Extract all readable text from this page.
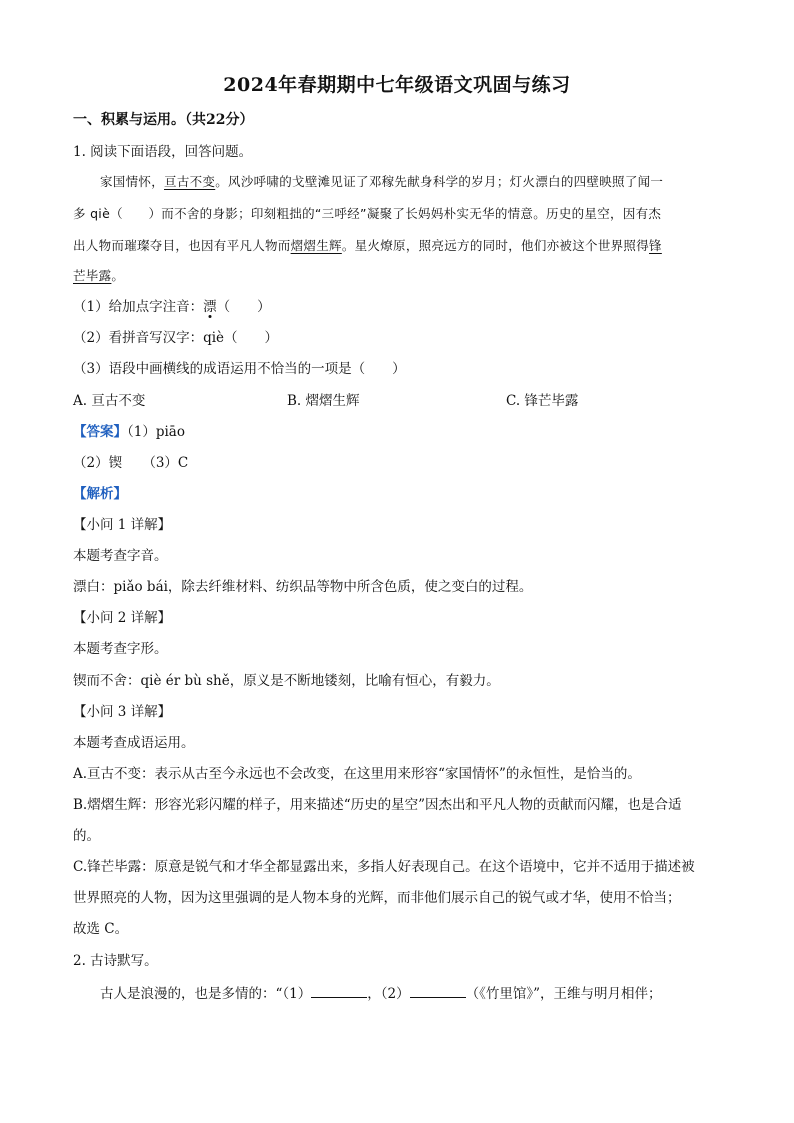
2024年春期期中七年级语文巩固与练习
一、积累与运用。（共22分）
1. 阅读下面语段，回答问题。
家国情怀，亘古不变。风沙呼啸的戈壁滩见证了邓稼先献身科学的岁月；灯火漂白的四壁映照了闻一
多 qiè（　　）而不舍的身影；印刻粗拙的“三呼经”凝聚了长妈妈朴实无华的情意。历史的星空，因有杰
出人物而璀璨夺目，也因有平凡人物而熠熠生辉。星火燎原，照亮远方的同时，他们亦被这个世界照得锋
芒毕露。
（1）给加点字注音：漂（　　）
（2）看拼音写汉字：qiè（　　）
（3）语段中画横线的成语运用不恰当的一项是（　　）
A. 亘古不变	B. 熠熠生辉	C. 锋芒毕露
【答案】（1）piāo
（2）锲　　（3）C
【解析】
【小问 1 详解】
本题考查字音。
漂白：piǎo bái，除去纤维材料、纺织品等物中所含色质，使之变白的过程。
【小问 2 详解】
本题考查字形。
锲而不舍：qiè ér bù shě，原义是不断地镂刻，比喻有恒心，有毅力。
【小问 3 详解】
本题考查成语运用。
A.亘古不变：表示从古至今永远也不会改变，在这里用来形容“家国情怀”的永恒性，是恰当的。
B.熠熠生辉：形容光彩闪耀的样子，用来描述“历史的星空”因杰出和平凡人物的贡献而闪耀，也是合适
的。
C.锋芒毕露：原意是锐气和才华全都显露出来，多指人好表现自己。在这个语境中，它并不适用于描述被
世界照亮的人物，因为这里强调的是人物本身的光辉，而非他们展示自己的锐气或才华，使用不恰当；
故选 C。
2. 古诗默写。
古人是浪漫的，也是多情的：“（1）	，（2）	（《竹里馆》”，王维与明月相伴；
